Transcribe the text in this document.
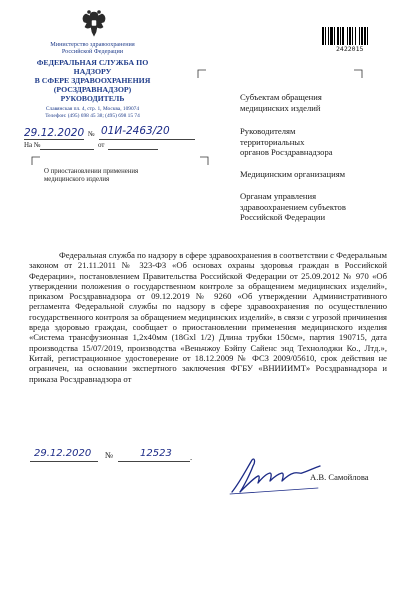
Министерство здравоохранения
Российской Федерации
ФЕДЕРАЛЬНАЯ СЛУЖБА ПО НАДЗОРУ
В СФЕРЕ ЗДРАВООХРАНЕНИЯ
(РОСЗДРАВНАДЗОР)
РУКОВОДИТЕЛЬ
Славянская пл. 4, стр. 1, Москва, 109074
Телефон: (495) 698 45 38; (495) 698 15 74
29.12.2020 № 01И-2463/20
На №	от
О приостановлении применения
медицинского изделия
2422015
Субъектам обращения
медицинских изделий
Руководителям
территориальных
органов Росздравнадзора
Медицинским организациям
Органам управления
здравоохранением субъектов
Российской Федерации

Федеральная служба по надзору в сфере здравоохранения в соответствии с Федеральным законом от 21.11.2011 № 323-ФЗ «Об основах охраны здоровья граждан в Российской Федерации», постановлением Правительства Российской Федерации от 25.09.2012 № 970 «Об утверждении положения о государственном контроле за обращением медицинских изделий», приказом Росздравнадзора от 09.12.2019 № 9260 «Об утверждении Административного регламента Федеральной службы по надзору в сфере здравоохранения по осуществлению государственного контроля за обращением медицинских изделий», в связи с угрозой причинения вреда здоровью граждан, сообщает о приостановлении применения медицинского изделия «Система трансфузионная 1,2х40мм (18Gxl 1/2) Длина трубки 150см», партия 190715, дата производства 15/07/2019, производства «Веньчжоу Бэйпу Сайенс энд Технолоджи Ко., Лтд.», Китай, регистрационное удостоверение от 18.12.2009 № ФСЗ 2009/05610, срок действия не ограничен, на основании экспертного заключения ФГБУ «ВНИИИМТ» Росздравнадзора и приказа Росздравнадзора от

29.12.2020 №	12523 .
А.В. Самойлова
